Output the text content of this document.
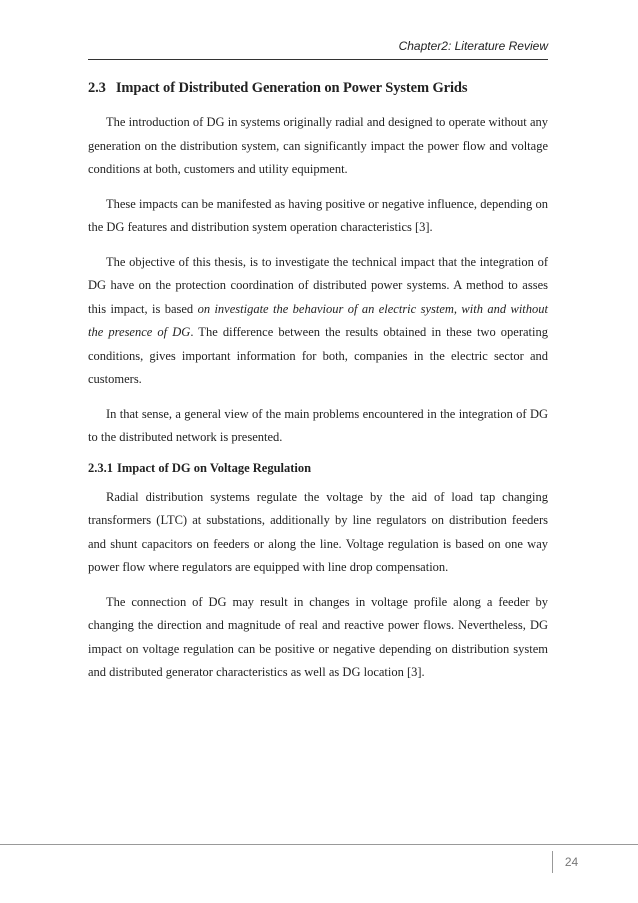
Chapter2: Literature Review
2.3 Impact of Distributed Generation on Power System Grids

The introduction of DG in systems originally radial and designed to operate without any generation on the distribution system, can significantly impact the power flow and voltage conditions at both, customers and utility equipment.

These impacts can be manifested as having positive or negative influence, depending on the DG features and distribution system operation characteristics [3].

The objective of this thesis, is to investigate the technical impact that the integration of DG have on the protection coordination of distributed power systems. A method to asses this impact, is based on investigate the behaviour of an electric system, with and without the presence of DG. The difference between the results obtained in these two operating conditions, gives important information for both, companies in the electric sector and customers.

In that sense, a general view of the main problems encountered in the integration of DG to the distributed network is presented.

2.3.1 Impact of DG on Voltage Regulation

Radial distribution systems regulate the voltage by the aid of load tap changing transformers (LTC) at substations, additionally by line regulators on distribution feeders and shunt capacitors on feeders or along the line. Voltage regulation is based on one way power flow where regulators are equipped with line drop compensation.

The connection of DG may result in changes in voltage profile along a feeder by changing the direction and magnitude of real and reactive power flows. Nevertheless, DG impact on voltage regulation can be positive or negative depending on distribution system and distributed generator characteristics as well as DG location [3].

24
